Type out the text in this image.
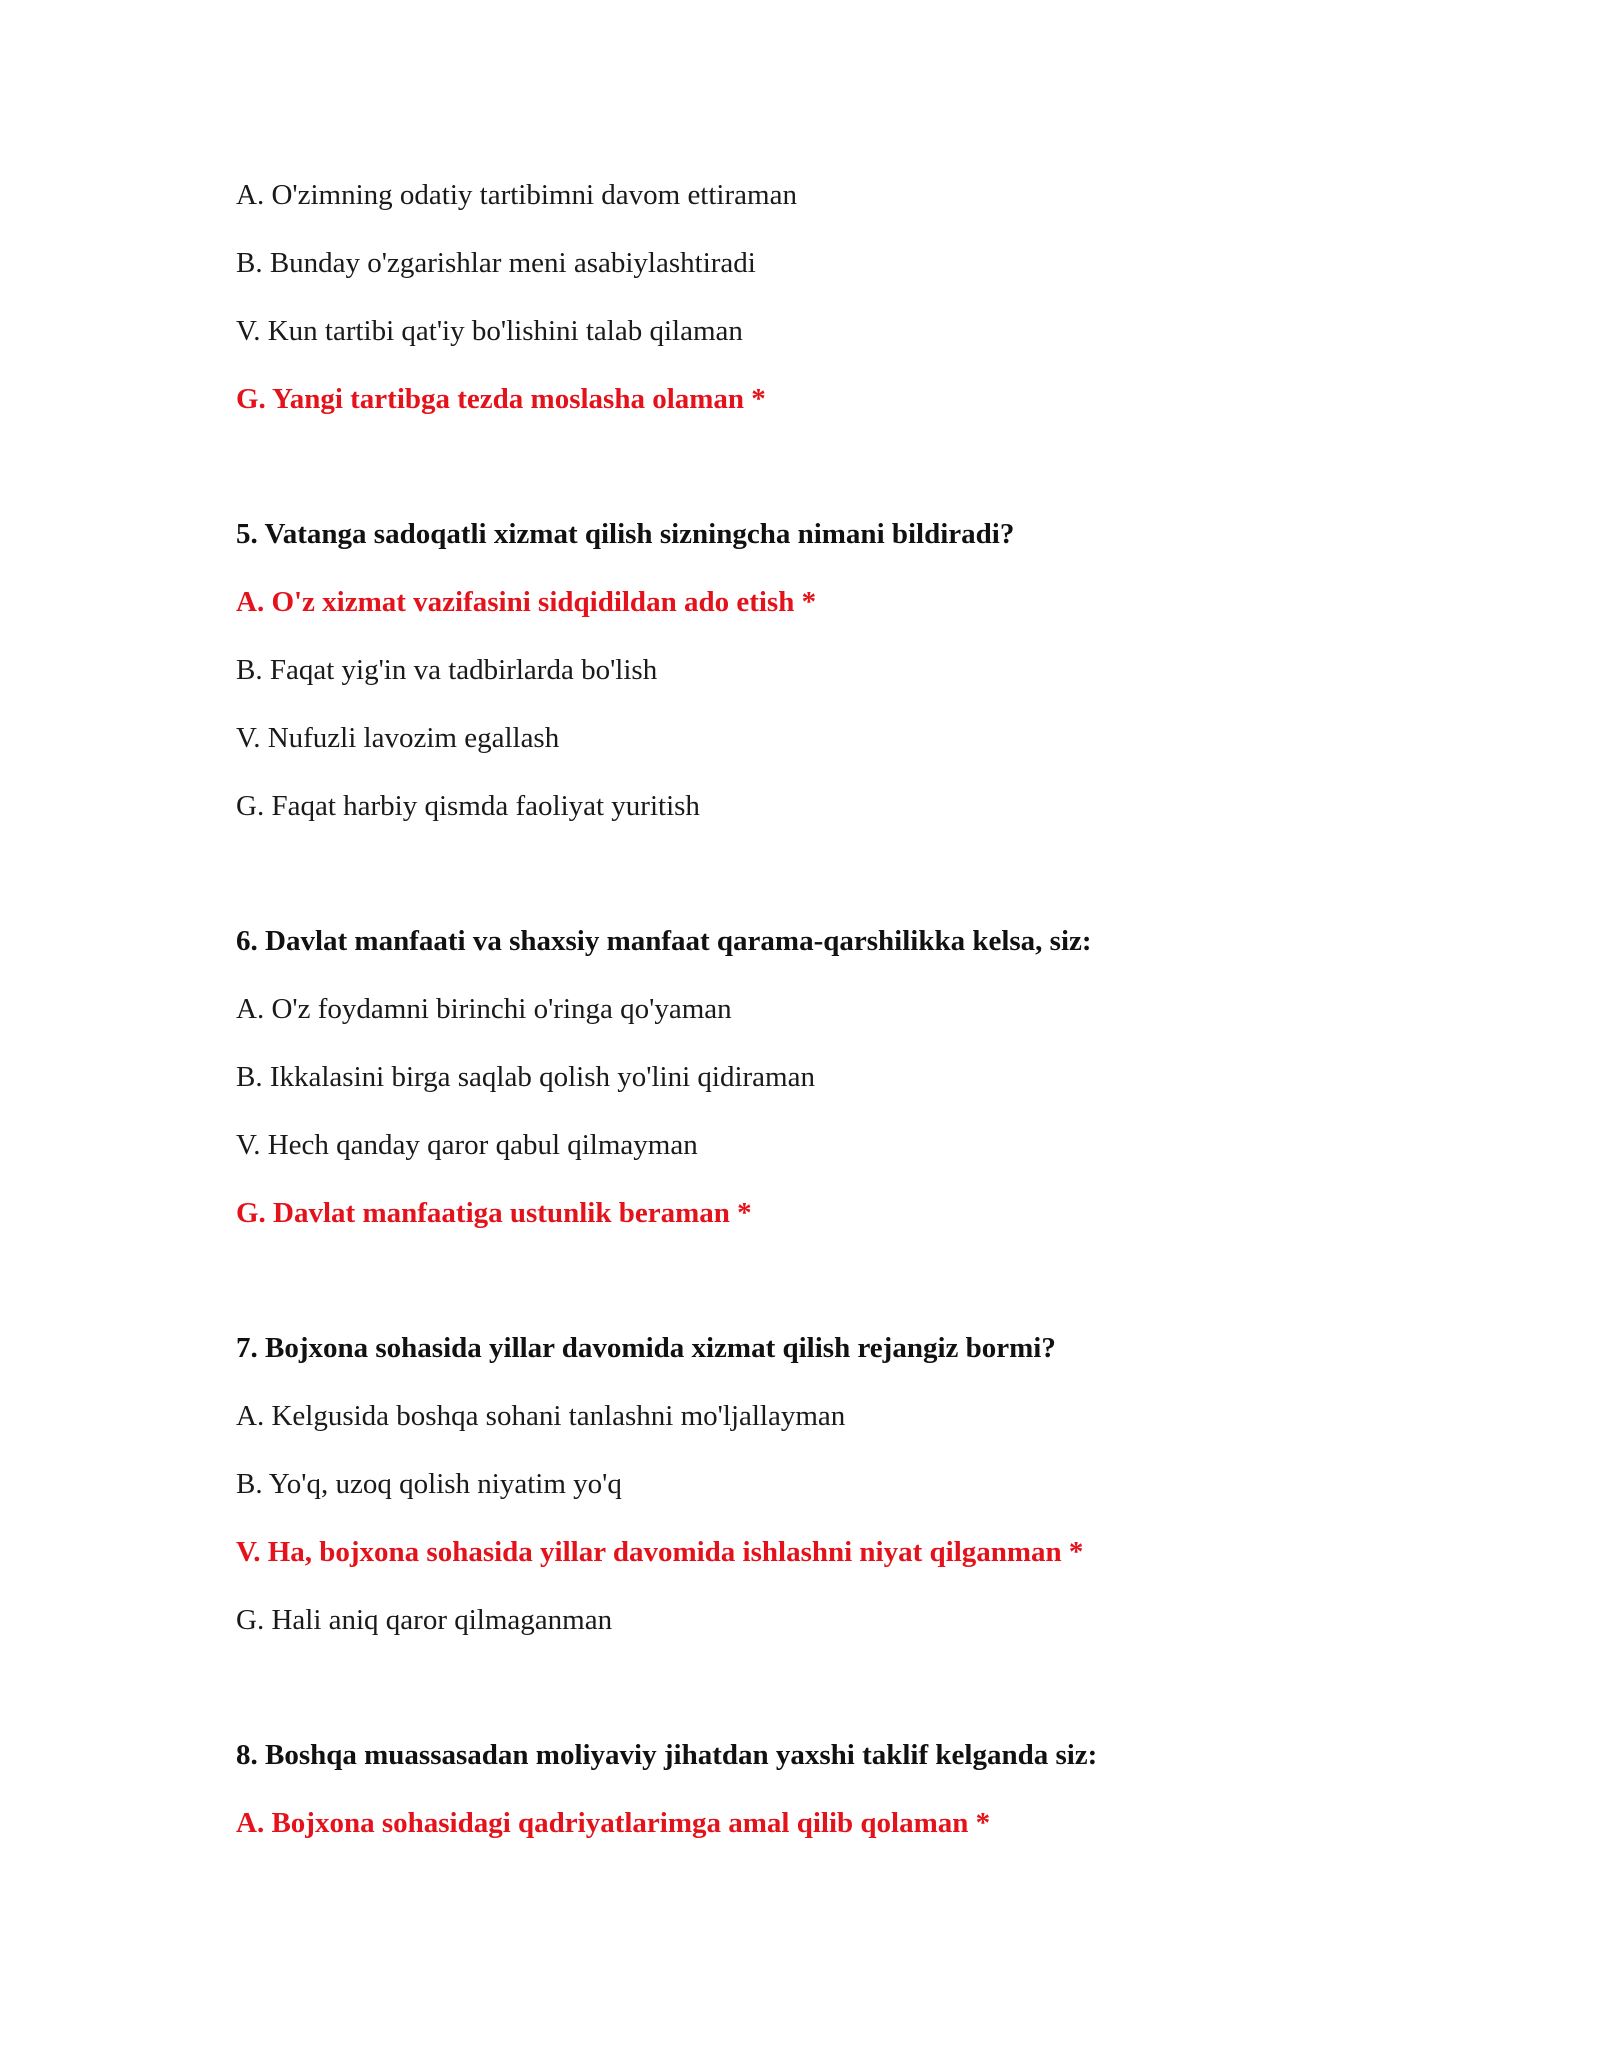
A. O'zimning odatiy tartibimni davom ettiraman
B. Bunday o'zgarishlar meni asabiylashtiradi
V. Kun tartibi qat'iy bo'lishini talab qilaman
G. Yangi tartibga tezda moslasha olaman *
5. Vatanga sadoqatli xizmat qilish sizningcha nimani bildiradi?
A. O'z xizmat vazifasini sidqidildan ado etish *
B. Faqat yig'in va tadbirlarda bo'lish
V. Nufuzli lavozim egallash
G. Faqat harbiy qismda faoliyat yuritish
6. Davlat manfaati va shaxsiy manfaat qarama-qarshilikka kelsa, siz:
A. O'z foydamni birinchi o'ringa qo'yaman
B. Ikkalasini birga saqlab qolish yo'lini qidiraman
V. Hech qanday qaror qabul qilmayman
G. Davlat manfaatiga ustunlik beraman *
7. Bojxona sohasida yillar davomida xizmat qilish rejangiz bormi?
A. Kelgusida boshqa sohani tanlashni mo'ljallayman
B. Yo'q, uzoq qolish niyatim yo'q
V. Ha, bojxona sohasida yillar davomida ishlashni niyat qilganman *
G. Hali aniq qaror qilmaganman
8. Boshqa muassasadan moliyaviy jihatdan yaxshi taklif kelganda siz:
A. Bojxona sohasidagi qadriyatlarimga amal qilib qolaman *
